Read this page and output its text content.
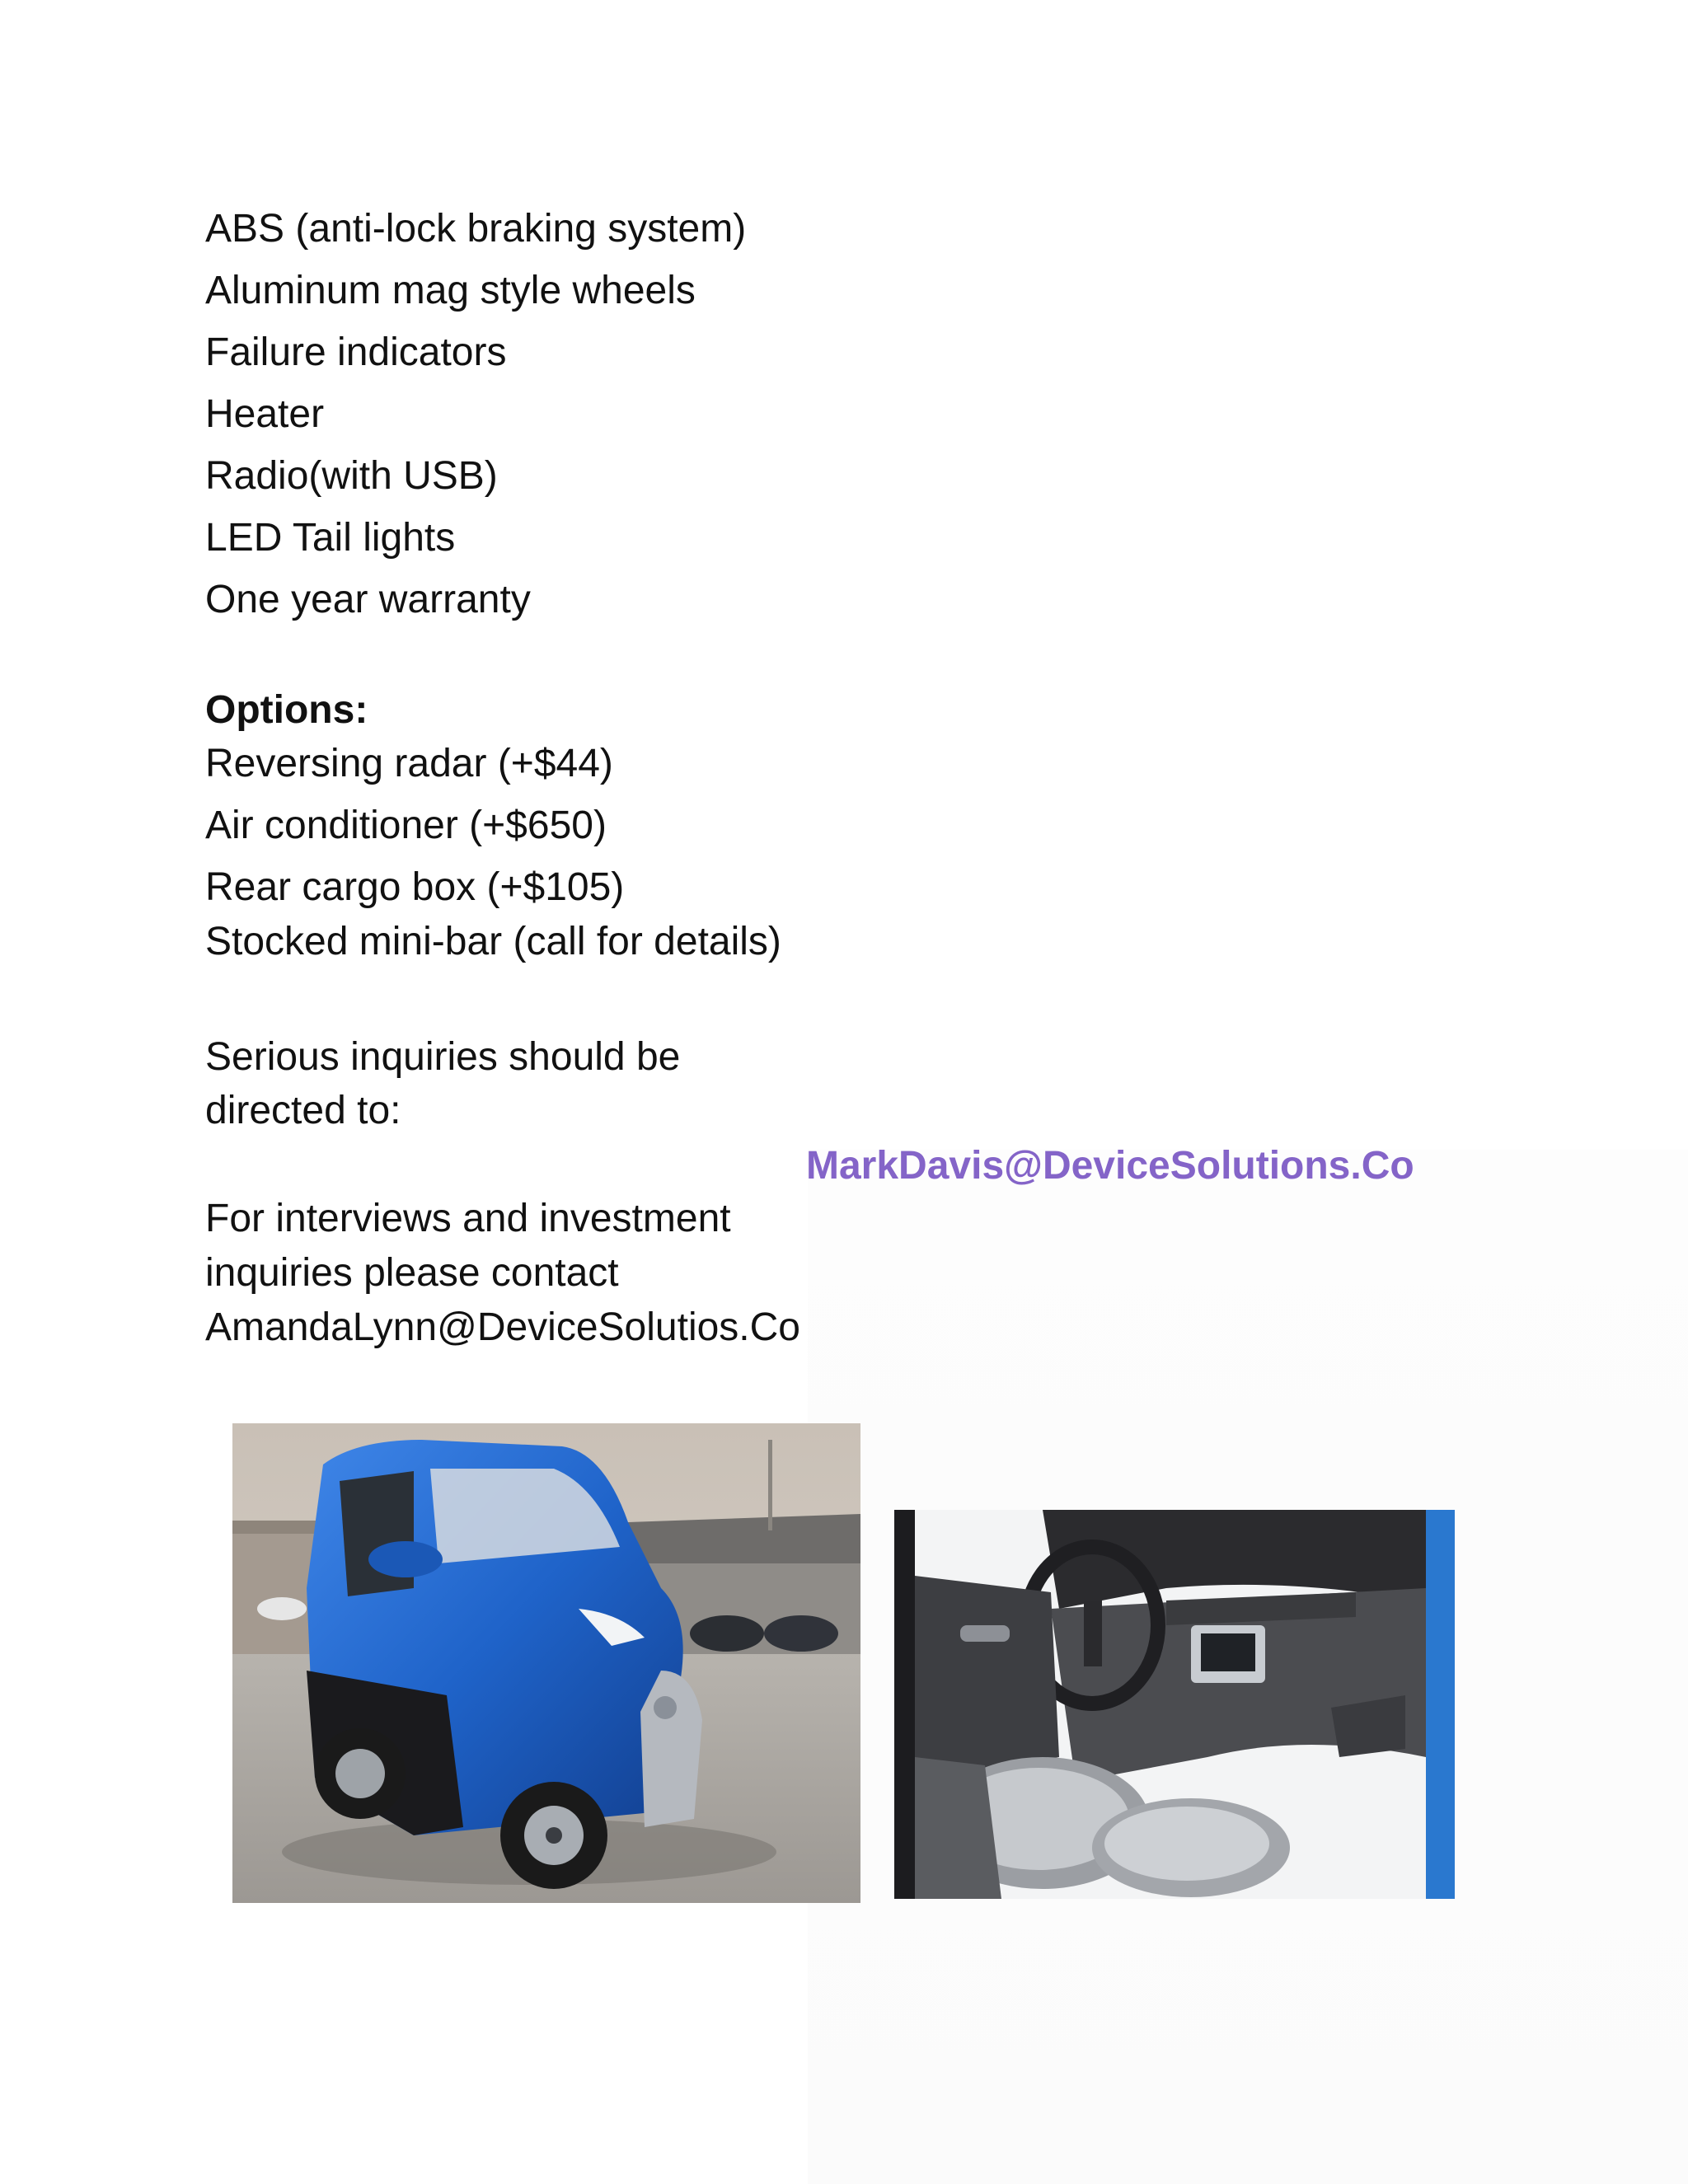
ABS (anti-lock braking system)
Aluminum mag style wheels
Failure indicators
Heater
Radio(with USB)
LED Tail lights
One year warranty
Options:
Reversing radar (+$44)
Air conditioner (+$650)
Rear cargo box (+$105)
Stocked mini-bar (call for details)
Serious inquiries should be
directed to:
MarkDavis@DeviceSolutions.Co
For interviews and investment
inquiries please contact
AmandaLynn@DeviceSolutios.Co
